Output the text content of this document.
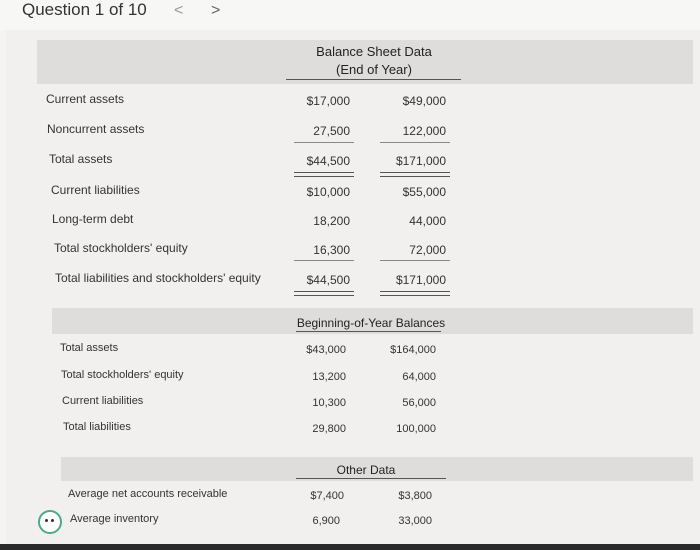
Question 1 of 10 < >
Balance Sheet Data
(End of Year)
Current assets	$17,000	$49,000
Noncurrent assets	27,500	122,000
Total assets	$44,500	$171,000
Current liabilities	$10,000	$55,000
Long-term debt	18,200	44,000
Total stockholders' equity	16,300	72,000
Total liabilities and stockholders' equity	$44,500	$171,000
Beginning-of-Year Balances
Total assets	$43,000	$164,000
Total stockholders' equity	13,200	64,000
Current liabilities	10,300	56,000
Total liabilities	29,800	100,000
Other Data
Average net accounts receivable	$7,400	$3,800
Average inventory	6,900	33,000
